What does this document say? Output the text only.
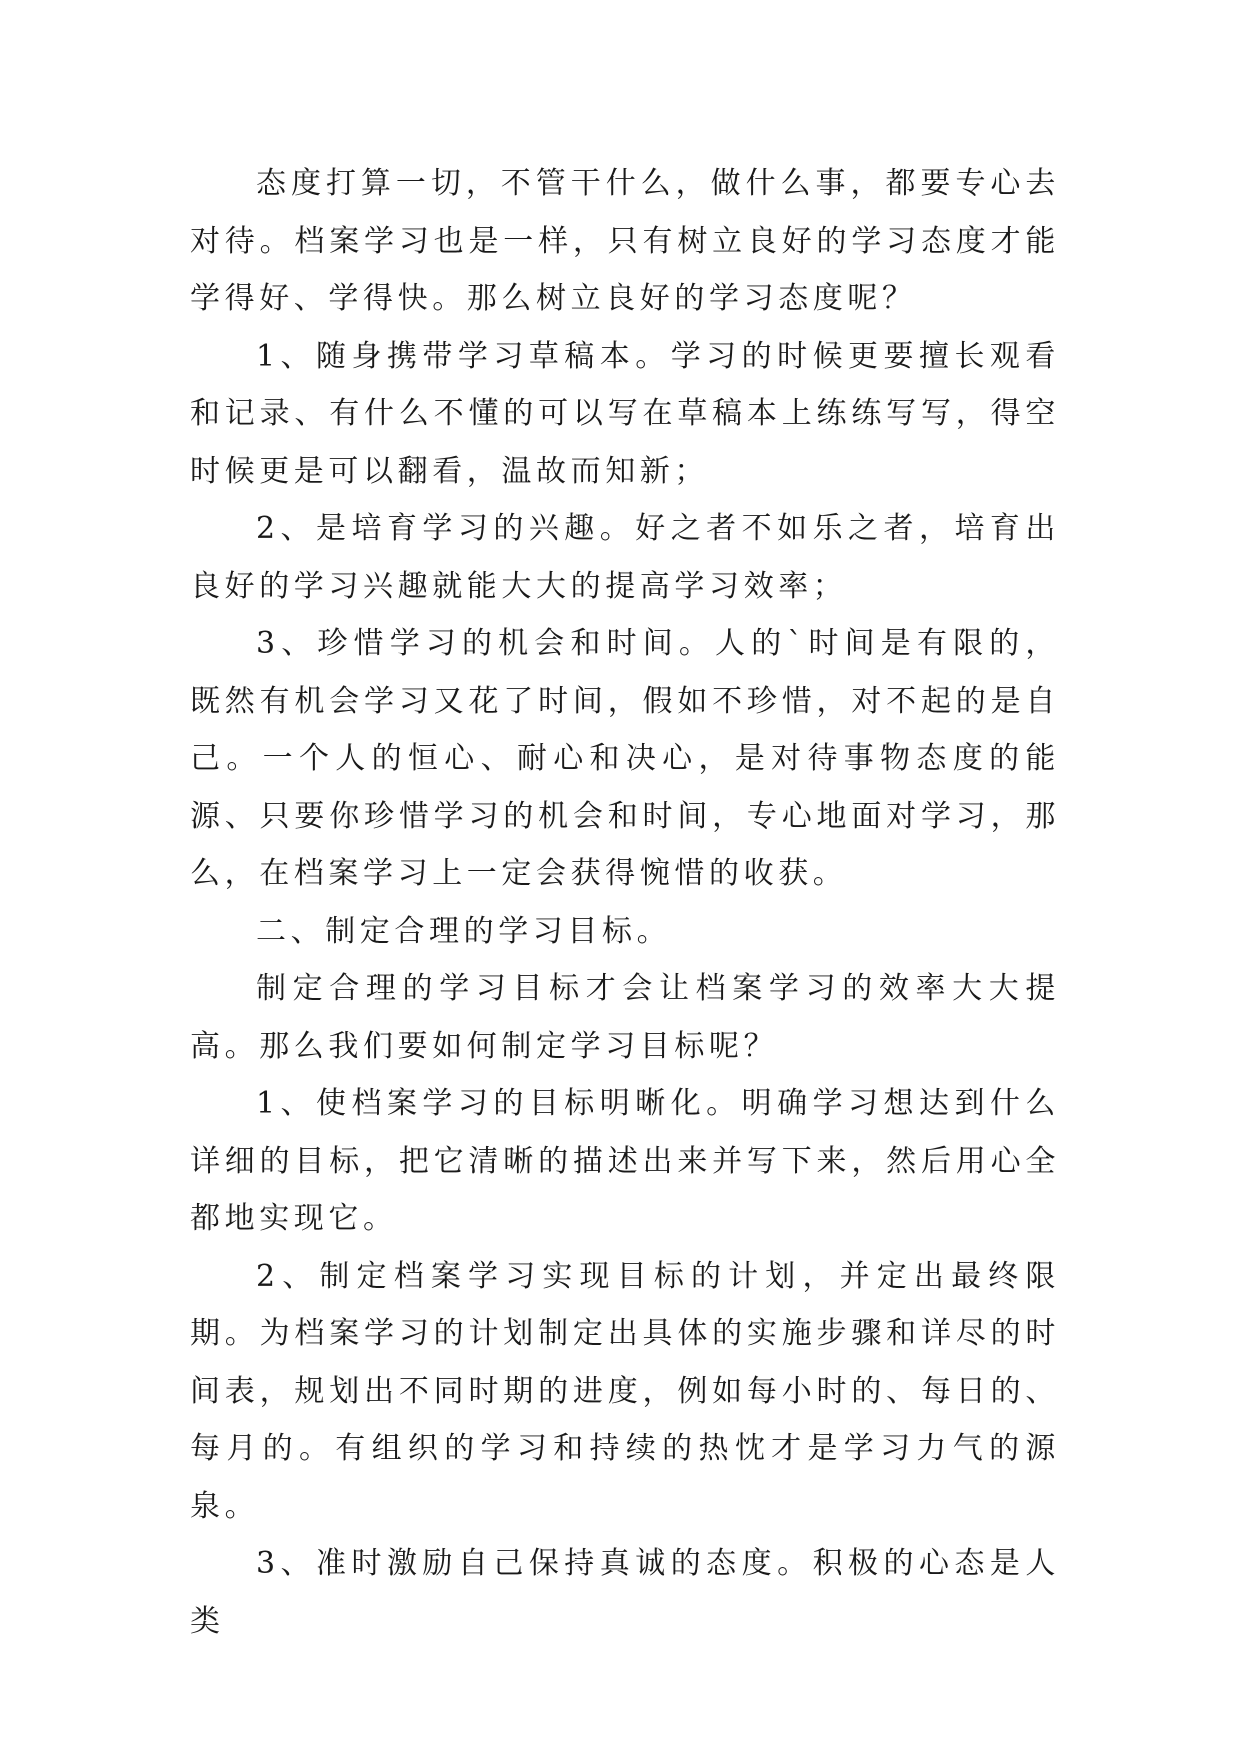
态度打算一切，不管干什么，做什么事，都要专心去对待。档案学习也是一样，只有树立良好的学习态度才能学得好、学得快。那么树立良好的学习态度呢？

1、随身携带学习草稿本。学习的时候更要擅长观看和记录、有什么不懂的可以写在草稿本上练练写写，得空时候更是可以翻看，温故而知新；

2、是培育学习的兴趣。好之者不如乐之者，培育出良好的学习兴趣就能大大的提高学习效率；

3、珍惜学习的机会和时间。人的`时间是有限的，既然有机会学习又花了时间，假如不珍惜，对不起的是自己。一个人的恒心、耐心和决心，是对待事物态度的能源、只要你珍惜学习的机会和时间，专心地面对学习，那么，在档案学习上一定会获得惋惜的收获。

二、制定合理的学习目标。

制定合理的学习目标才会让档案学习的效率大大提高。那么我们要如何制定学习目标呢？

1、使档案学习的目标明晰化。明确学习想达到什么详细的目标，把它清晰的描述出来并写下来，然后用心全都地实现它。

2、制定档案学习实现目标的计划，并定出最终限期。为档案学习的计划制定出具体的实施步骤和详尽的时间表，规划出不同时期的进度，例如每小时的、每日的、每月的。有组织的学习和持续的热忱才是学习力气的源泉。

3、准时激励自己保持真诚的态度。积极的心态是人类
